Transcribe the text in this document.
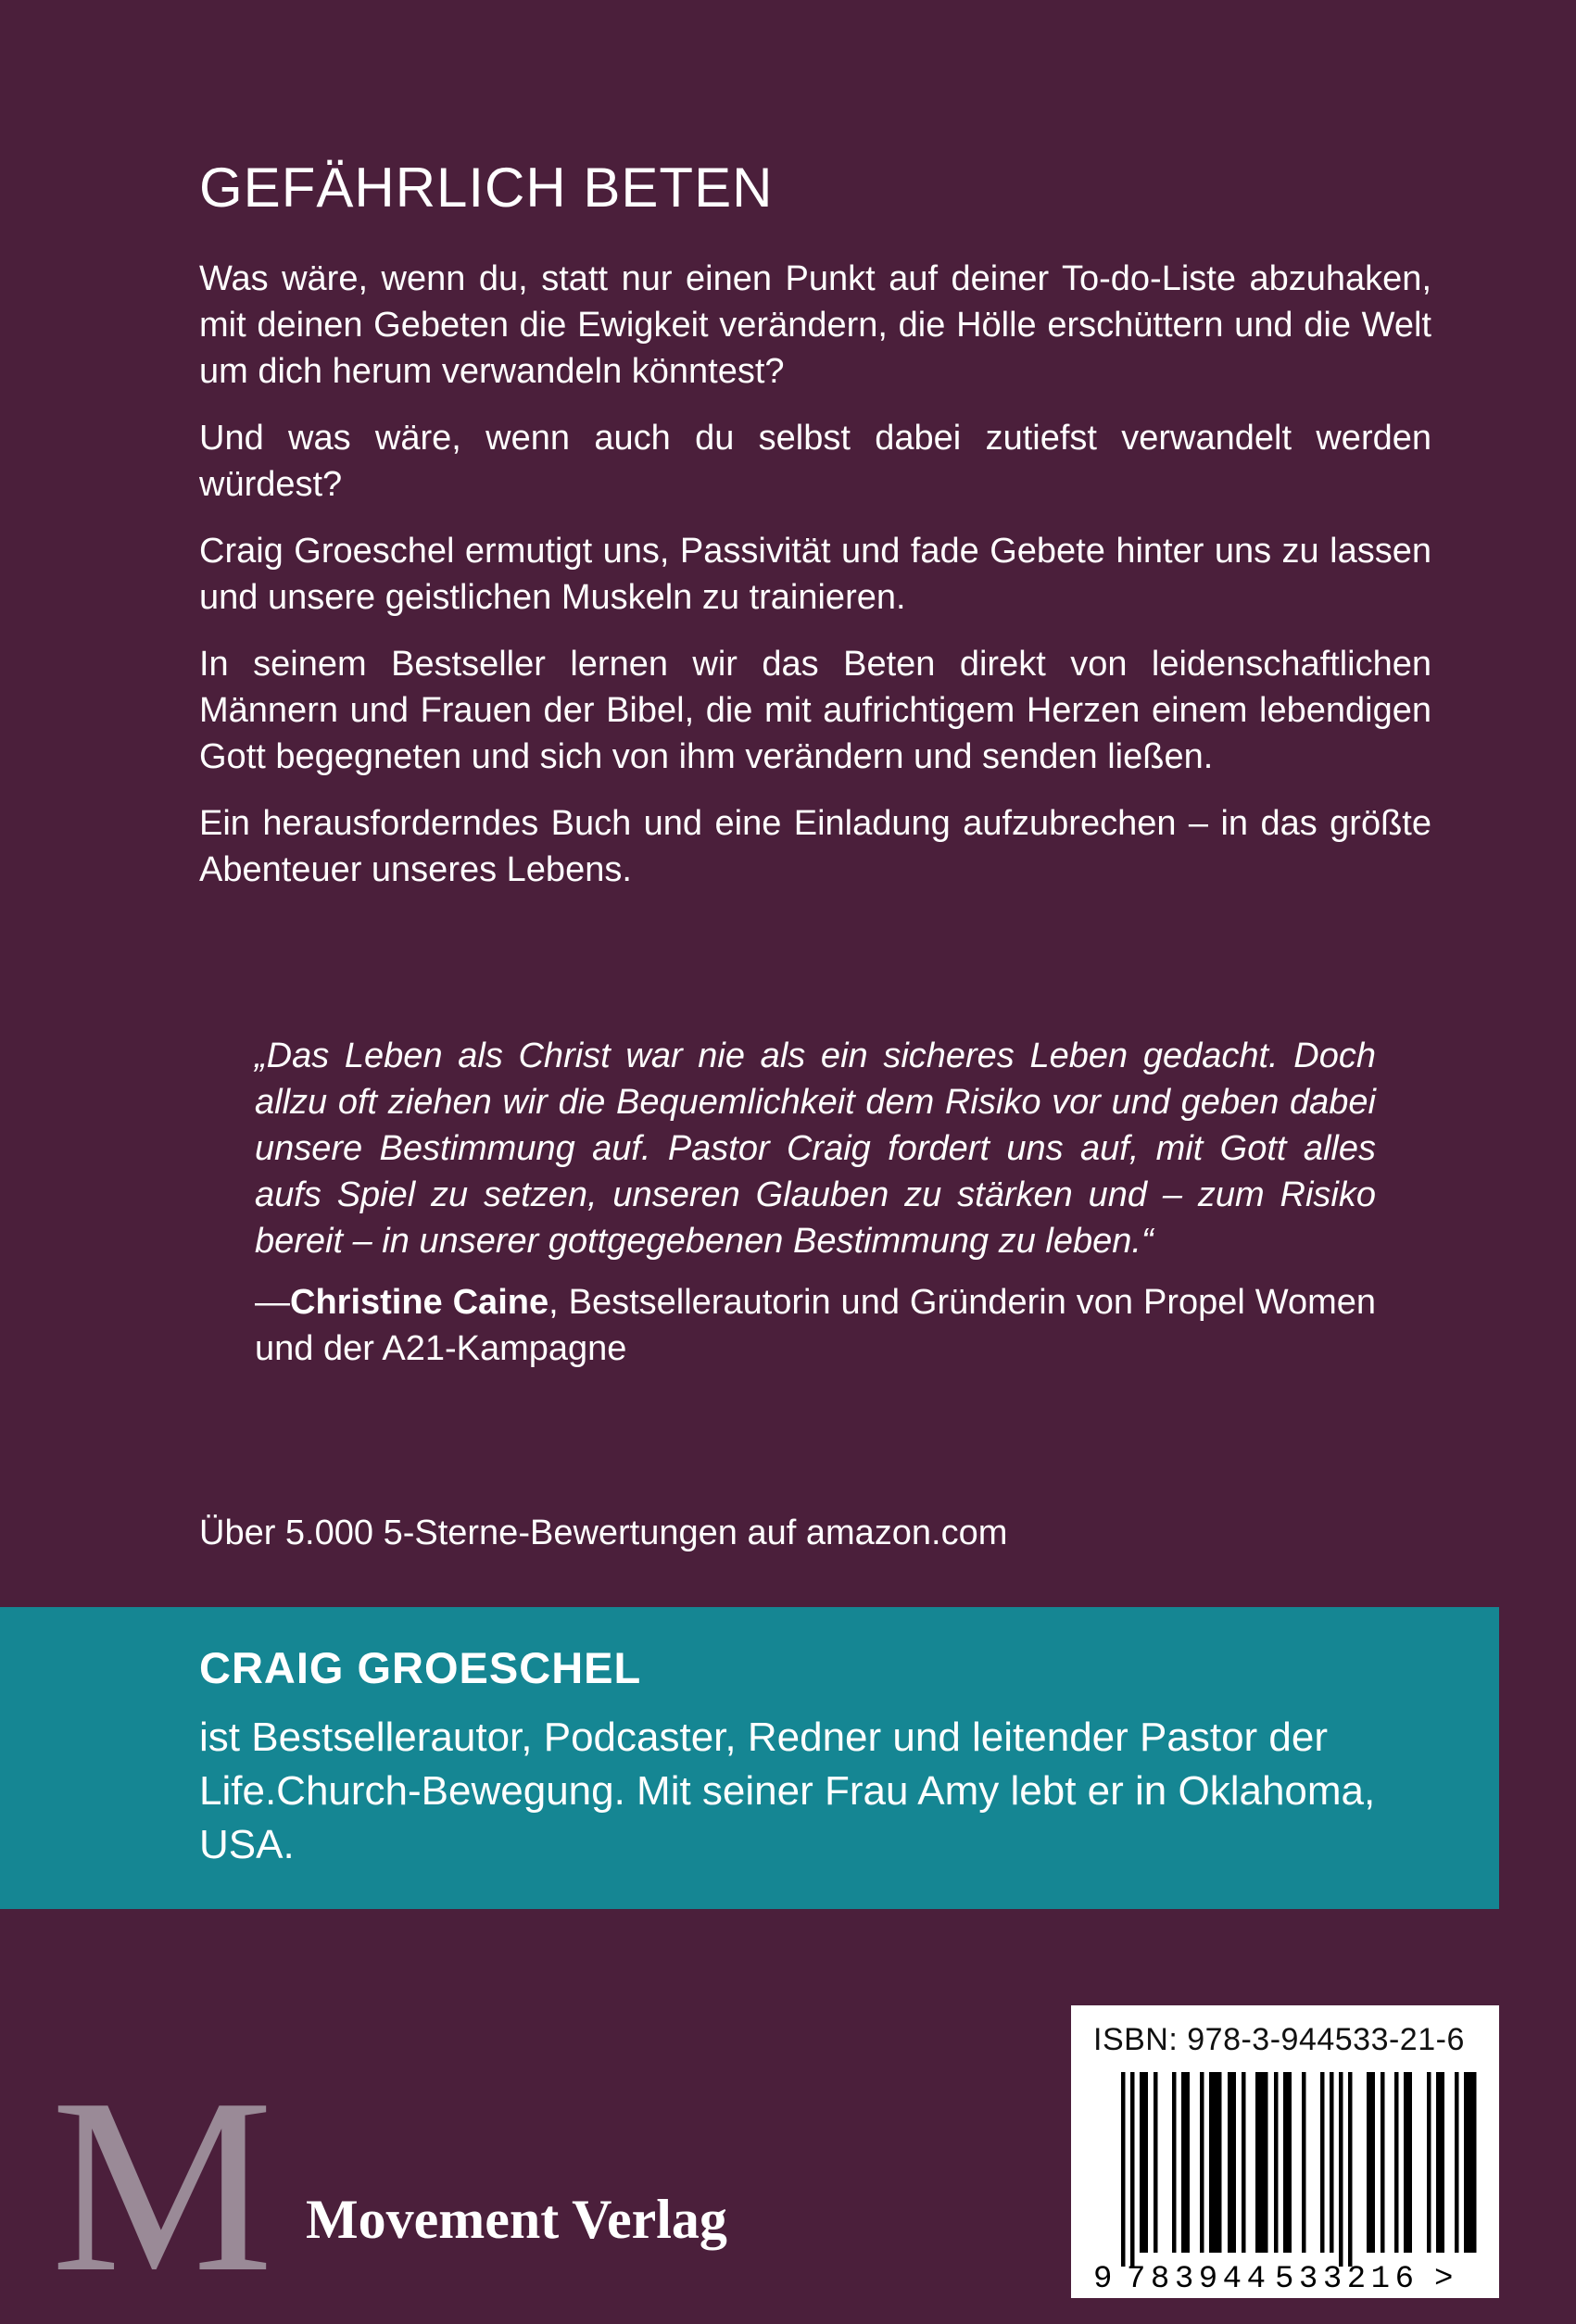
GEFÄHRLICH BETEN

Was wäre, wenn du, statt nur einen Punkt auf deiner To-do-Liste abzuhaken, mit deinen Gebeten die Ewigkeit verändern, die Hölle erschüttern und die Welt um dich herum verwandeln könntest?

Und was wäre, wenn auch du selbst dabei zutiefst verwandelt werden würdest?

Craig Groeschel ermutigt uns, Passivität und fade Gebete hinter uns zu lassen und unsere geistlichen Muskeln zu trainieren.

In seinem Bestseller lernen wir das Beten direkt von leidenschaftlichen Männern und Frauen der Bibel, die mit aufrichtigem Herzen einem lebendigen Gott begegneten und sich von ihm verändern und senden ließen.

Ein herausforderndes Buch und eine Einladung aufzubrechen – in das größte Abenteuer unseres Lebens.

„Das Leben als Christ war nie als ein sicheres Leben gedacht. Doch allzu oft ziehen wir die Bequemlichkeit dem Risiko vor und geben dabei unsere Bestimmung auf. Pastor Craig fordert uns auf, mit Gott alles aufs Spiel zu setzen, unseren Glauben zu stärken und – zum Risiko bereit – in unserer gottgegebenen Bestimmung zu leben.“

—Christine Caine, Bestsellerautorin und Gründerin von Propel Women und der A21-Kampagne

Über 5.000 5-Sterne-Bewertungen auf amazon.com
CRAIG GROESCHEL
ist Bestsellerautor, Podcaster, Redner und leitender Pastor der Life.Church-Bewegung. Mit seiner Frau Amy lebt er in Oklahoma, USA.
M Movement Verlag
ISBN: 978-3-944533-21-6
9 783944 533216 >
